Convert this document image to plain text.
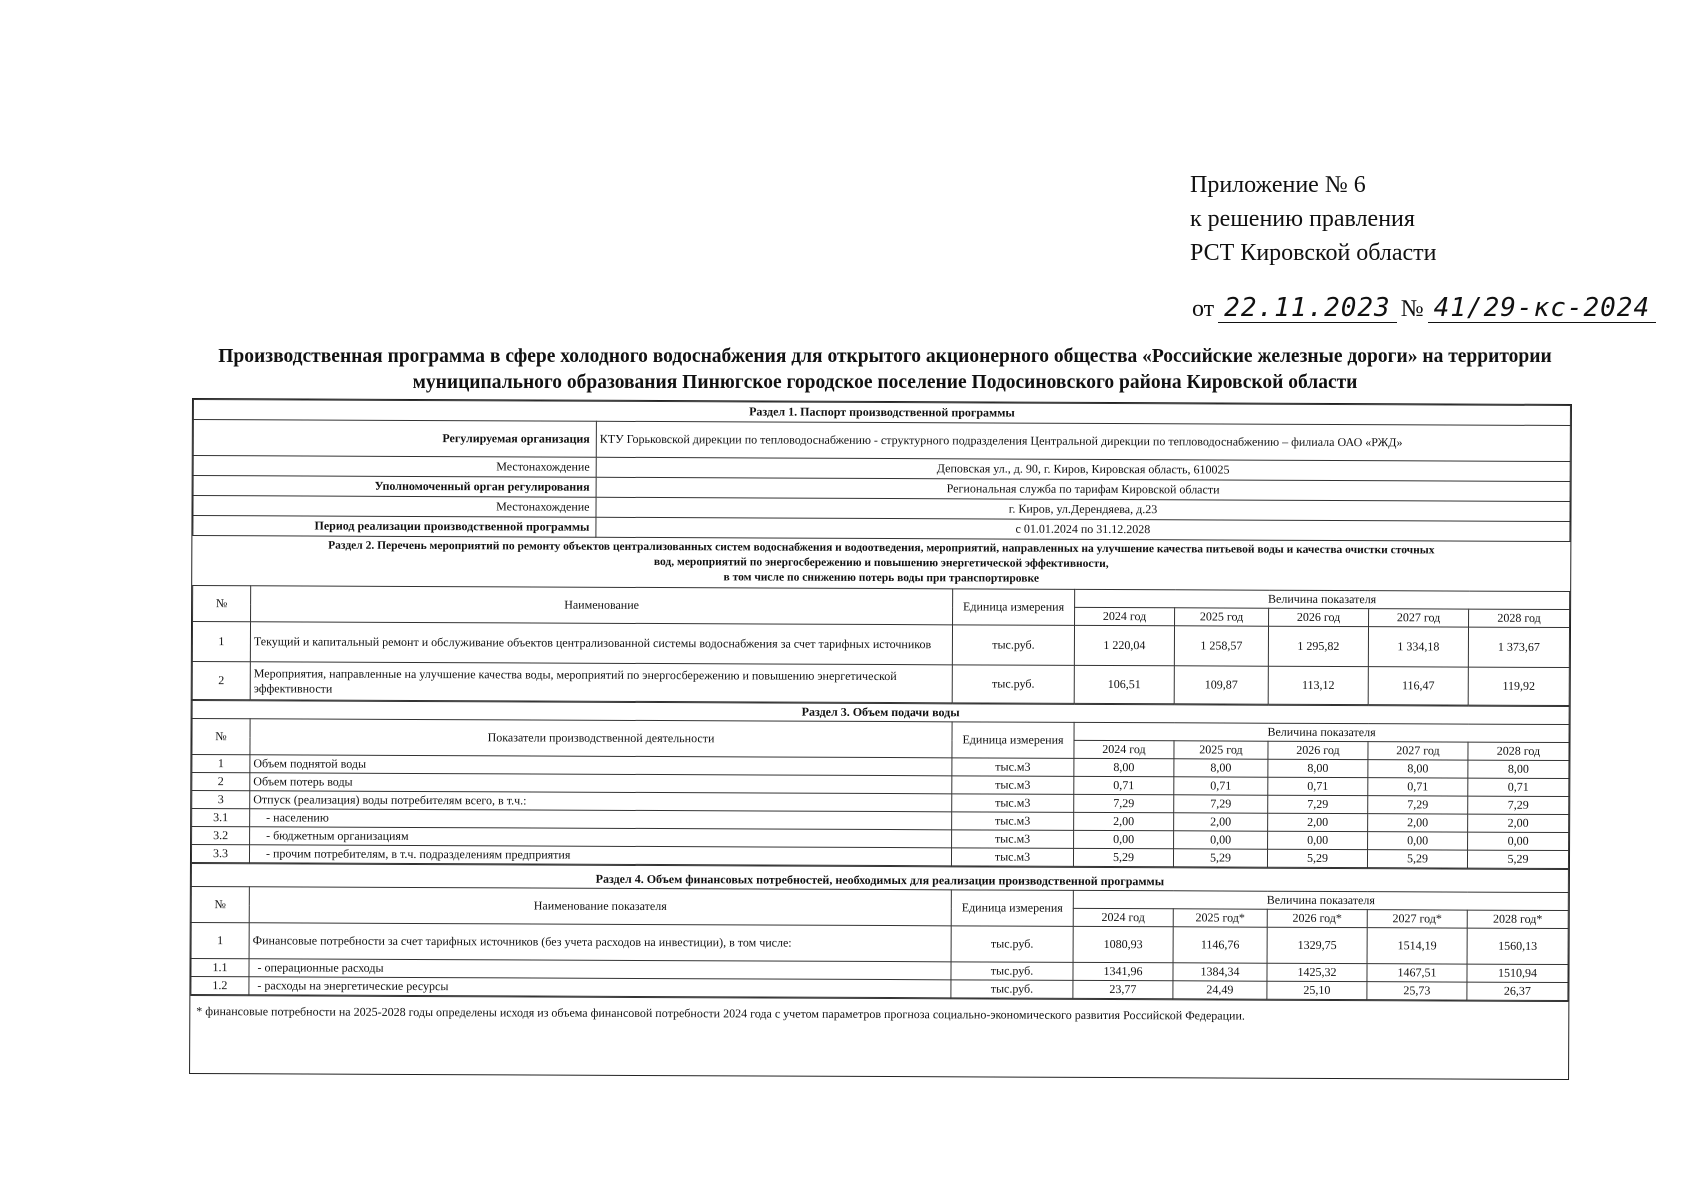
Приложение № 6
к решению правления
РСТ Кировской области
от 22.11.2023 № 41/29-кс-2024
Производственная программа в сфере холодного водоснабжения для открытого акционерного общества «Российские железные дороги» на территории муниципального образования Пинюгское городское поселение Подосиновского района Кировской области
Раздел 1. Паспорт производственной программы	
Регулируемая организация	КТУ Горьковской дирекции по тепловодоснабжению - структурного подразделения Центральной дирекции по тепловодоснабжению – филиала ОАО «РЖД»
Местонахождение	Деповская ул., д. 90, г. Киров, Кировская область, 610025
Уполномоченный орган регулирования	Региональная служба по тарифам Кировской области
Местонахождение	г. Киров, ул.Дерендяева, д.23
Период реализации производственной программы	с 01.01.2024 по 31.12.2028
Раздел 2. Перечень мероприятий по ремонту объектов централизованных систем водоснабжения и водоотведения, мероприятий, направленных на улучшение качества питьевой воды и качества очистки сточных
вод, мероприятий по энергосбережению и повышению энергетической эффективности,
в том числе по снижению потерь воды при транспортировке
№	Наименование	Единица измерения	Величина показателя				
			2024 год	2025 год	2026 год	2027 год	2028 год
1	Текущий и капитальный ремонт и обслуживание объектов централизованной системы водоснабжения за счет тарифных источников	тыс.руб.	1 220,04	1 258,57	1 295,82	1 334,18	1 373,67
2	Мероприятия, направленные на улучшение качества воды, мероприятий по энергосбережению и повышению энергетической эффективности	тыс.руб.	106,51	109,87	113,12	116,47	119,92
Раздел 3. Объем подачи воды							
№	Показатели производственной деятельности	Единица измерения	Величина показателя				
			2024 год	2025 год	2026 год	2027 год	2028 год
1	Объем поднятой воды	тыс.м3	8,00	8,00	8,00	8,00	8,00
2	Объем потерь воды	тыс.м3	0,71	0,71	0,71	0,71	0,71
3	Отпуск (реализация) воды потребителям всего, в т.ч.:	тыс.м3	7,29	7,29	7,29	7,29	7,29
3.1	- населению	тыс.м3	2,00	2,00	2,00	2,00	2,00
3.2	- бюджетным организациям	тыс.м3	0,00	0,00	0,00	0,00	0,00
3.3	- прочим потребителям, в т.ч. подразделениям предприятия	тыс.м3	5,29	5,29	5,29	5,29	5,29
Раздел 4. Объем финансовых потребностей, необходимых для реализации производственной программы							
№	Наименование показателя	Единица измерения	Величина показателя				
			2024 год	2025 год*	2026 год*	2027 год*	2028 год*
1	Финансовые потребности за счет тарифных источников (без учета расходов на инвестиции), в том числе:	тыс.руб.	1080,93	1146,76	1329,75	1514,19	1560,13
1.1	- операционные расходы	тыс.руб.	1341,96	1384,34	1425,32	1467,51	1510,94
1.2	- расходы на энергетические ресурсы	тыс.руб.	23,77	24,49	25,10	25,73	26,37
* финансовые потребности на 2025-2028 годы определены исходя из объема финансовой потребности 2024 года с учетом параметров прогноза социально-экономического развития Российской Федерации.
